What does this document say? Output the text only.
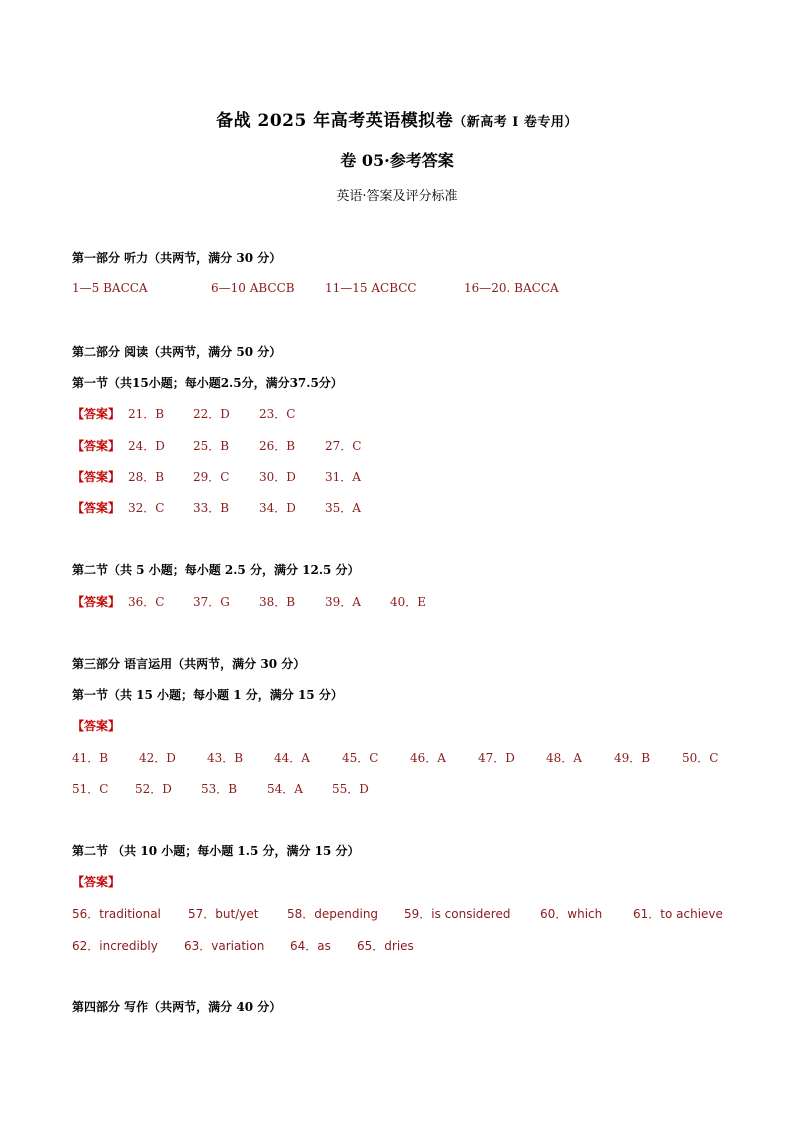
备战 2025 年高考英语模拟卷（新高考 I 卷专用）
卷 05·参考答案
英语·答案及评分标准
第一部分 听力（共两节，满分 30 分）
1—5 BACCA	6—10 ABCCB	11—15 ACBCC	16—20. BACCA
第二部分 阅读（共两节，满分 50 分）
第一节（共15小题；每小题2.5分，满分37.5分）
【答案】 21．B 22．D 23．C
【答案】 24．D 25．B 26．B 27．C
【答案】 28．B 29．C 30．D 31．A
【答案】 32．C 33．B 34．D 35．A
第二节（共 5 小题；每小题 2.5 分，满分 12.5 分）
【答案】 36．C 37．G 38．B 39．A 40．E
第三部分 语言运用（共两节，满分 30 分）
第一节（共 15 小题；每小题 1 分，满分 15 分）
【答案】
41．B	42．D	43．B	44．A	45．C	46．A	47．D	48．A	49．B	50．C
51．C 52．D 53．B 54．A 55．D
第二节 （共 10 小题；每小题 1.5 分，满分 15 分）
【答案】
56．traditional 57．but/yet 58．depending 59．is considered 60．which	61．to achieve
62．incredibly 63．variation 64．as 65．dries
第四部分 写作（共两节，满分 40 分）
